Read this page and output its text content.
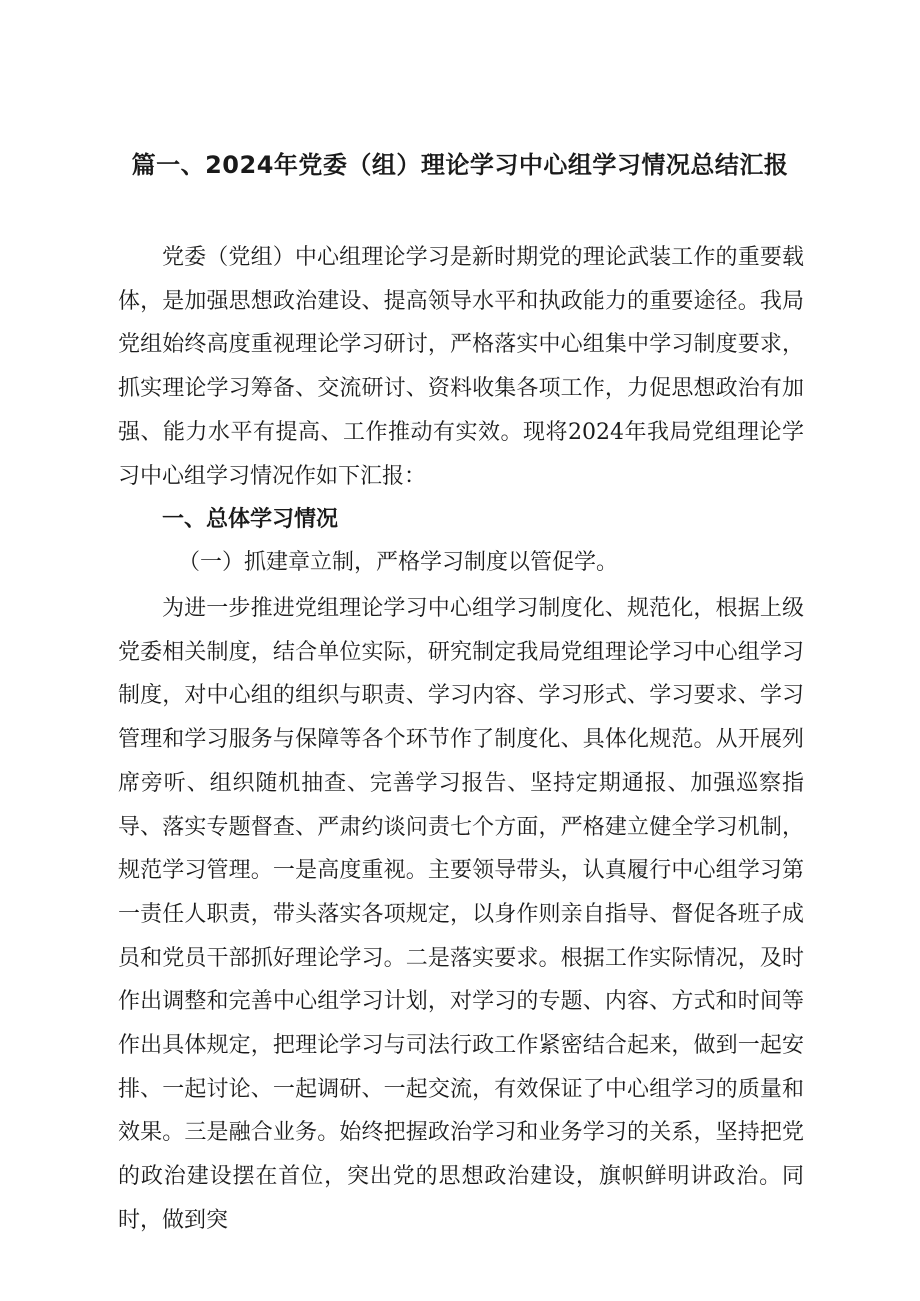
篇一、2024年党委（组）理论学习中心组学习情况总结汇报

党委（党组）中心组理论学习是新时期党的理论武装工作的重要载体，是加强思想政治建设、提高领导水平和执政能力的重要途径。我局党组始终高度重视理论学习研讨，严格落实中心组集中学习制度要求，抓实理论学习筹备、交流研讨、资料收集各项工作，力促思想政治有加强、能力水平有提高、工作推动有实效。现将2024年我局党组理论学习中心组学习情况作如下汇报：

一、总体学习情况

（一）抓建章立制，严格学习制度以管促学。

为进一步推进党组理论学习中心组学习制度化、规范化，根据上级党委相关制度，结合单位实际，研究制定我局党组理论学习中心组学习制度，对中心组的组织与职责、学习内容、学习形式、学习要求、学习管理和学习服务与保障等各个环节作了制度化、具体化规范。从开展列席旁听、组织随机抽查、完善学习报告、坚持定期通报、加强巡察指导、落实专题督查、严肃约谈问责七个方面，严格建立健全学习机制，规范学习管理。一是高度重视。主要领导带头，认真履行中心组学习第一责任人职责，带头落实各项规定，以身作则亲自指导、督促各班子成员和党员干部抓好理论学习。二是落实要求。根据工作实际情况，及时作出调整和完善中心组学习计划，对学习的专题、内容、方式和时间等作出具体规定，把理论学习与司法行政工作紧密结合起来，做到一起安排、一起讨论、一起调研、一起交流，有效保证了中心组学习的质量和效果。三是融合业务。始终把握政治学习和业务学习的关系，坚持把党的政治建设摆在首位，突出党的思想政治建设，旗帜鲜明讲政治。同时，做到突
